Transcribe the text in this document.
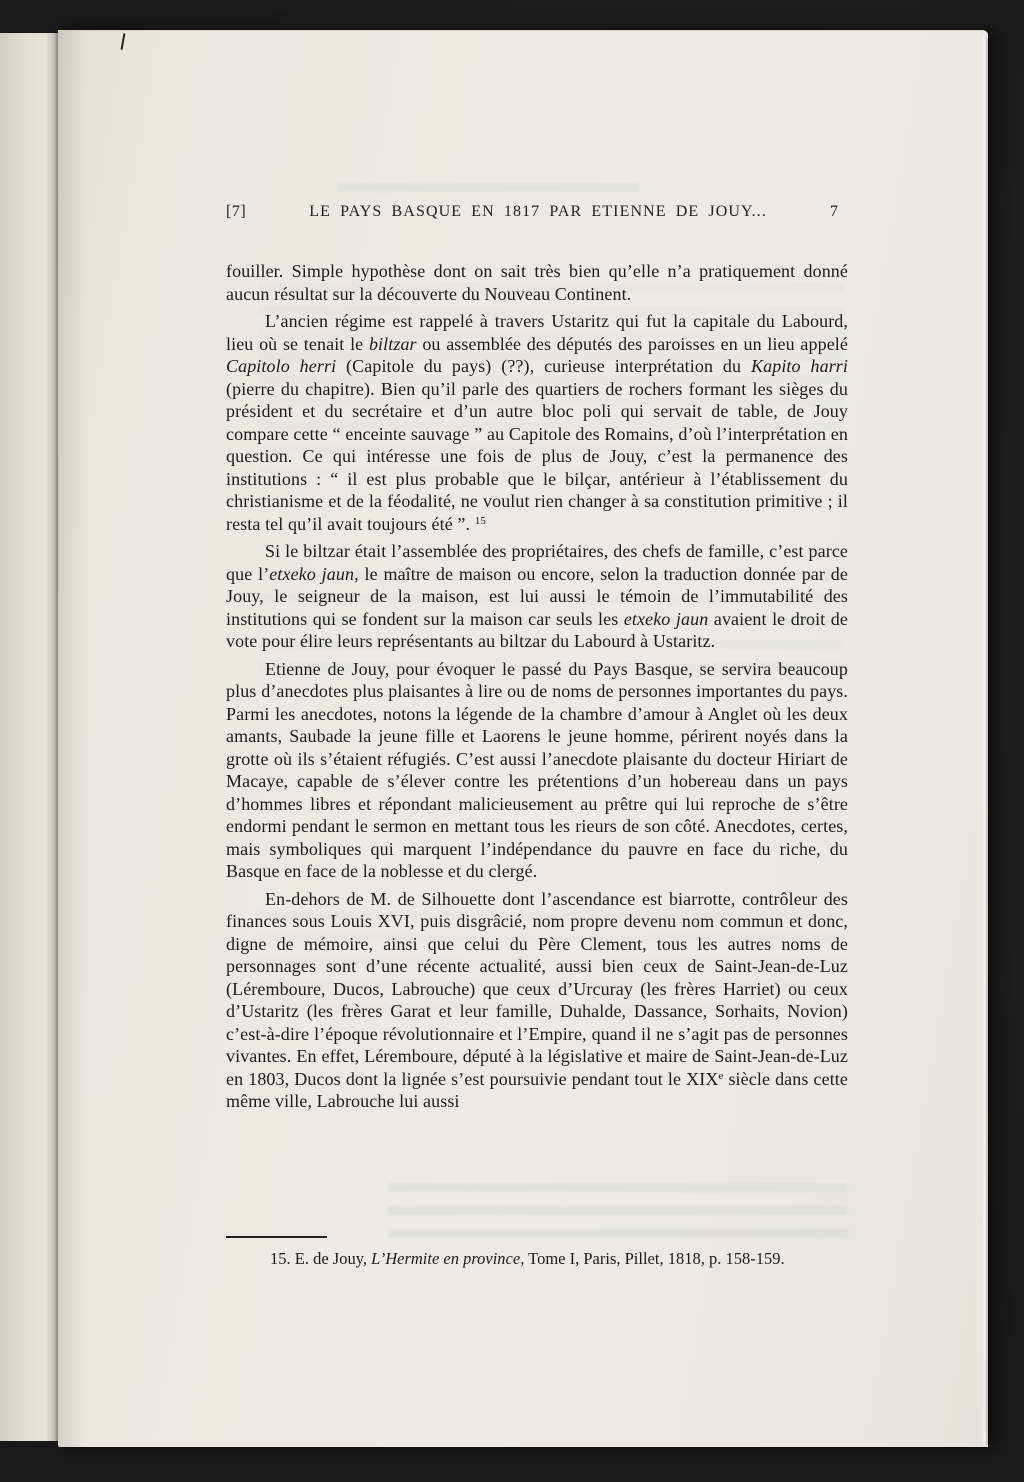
[7]	LE PAYS BASQUE EN 1817 PAR ETIENNE DE JOUY...	7

fouiller. Simple hypothèse dont on sait très bien qu’elle n’a pratiquement donné aucun résultat sur la découverte du Nouveau Continent.

L’ancien régime est rappelé à travers Ustaritz qui fut la capitale du Labourd, lieu où se tenait le biltzar ou assemblée des députés des paroisses en un lieu appelé Capitolo herri (Capitole du pays) (??), curieuse interprétation du Kapito harri (pierre du chapitre). Bien qu’il parle des quartiers de rochers formant les sièges du président et du secrétaire et d’un autre bloc poli qui servait de table, de Jouy compare cette “ enceinte sauvage ” au Capitole des Romains, d’où l’interprétation en question. Ce qui intéresse une fois de plus de Jouy, c’est la permanence des institutions : “ il est plus probable que le bilçar, antérieur à l’établissement du christianisme et de la féodalité, ne voulut rien changer à sa constitution primitive ; il resta tel qu’il avait toujours été ”. $^{15}$

Si le biltzar était l’assemblée des propriétaires, des chefs de famille, c’est parce que l’etxeko jaun, le maître de maison ou encore, selon la traduction donnée par de Jouy, le seigneur de la maison, est lui aussi le témoin de l’immutabilité des institutions qui se fondent sur la maison car seuls les etxeko jaun avaient le droit de vote pour élire leurs représentants au biltzar du Labourd à Ustaritz.

Etienne de Jouy, pour évoquer le passé du Pays Basque, se servira beaucoup plus d’anecdotes plus plaisantes à lire ou de noms de personnes importantes du pays. Parmi les anecdotes, notons la légende de la chambre d’amour à Anglet où les deux amants, Saubade la jeune fille et Laorens le jeune homme, périrent noyés dans la grotte où ils s’étaient réfugiés. C’est aussi l’anecdote plaisante du docteur Hiriart de Macaye, capable de s’élever contre les prétentions d’un hobereau dans un pays d’hommes libres et répondant malicieusement au prêtre qui lui reproche de s’être endormi pendant le sermon en mettant tous les rieurs de son côté. Anecdotes, certes, mais symboliques qui marquent l’indépendance du pauvre en face du riche, du Basque en face de la noblesse et du clergé.

En-dehors de M. de Silhouette dont l’ascendance est biarrotte, contrôleur des finances sous Louis XVI, puis disgrâcié, nom propre devenu nom commun et donc, digne de mémoire, ainsi que celui du Père Clement, tous les autres noms de personnages sont d’une récente actualité, aussi bien ceux de Saint-Jean-de-Luz (Léremboure, Ducos, Labrouche) que ceux d’Urcuray (les frères Harriet) ou ceux d’Ustaritz (les frères Garat et leur famille, Duhalde, Dassance, Sorhaits, Novion) c’est-à-dire l’époque révolutionnaire et l’Empire, quand il ne s’agit pas de personnes vivantes. En effet, Léremboure, député à la législative et maire de Saint-Jean-de-Luz en 1803, Ducos dont la lignée s’est poursuivie pendant tout le XIXe siècle dans cette même ville, Labrouche lui aussi

15. E. de Jouy, L’Hermite en province, Tome I, Paris, Pillet, 1818, p. 158-159.
